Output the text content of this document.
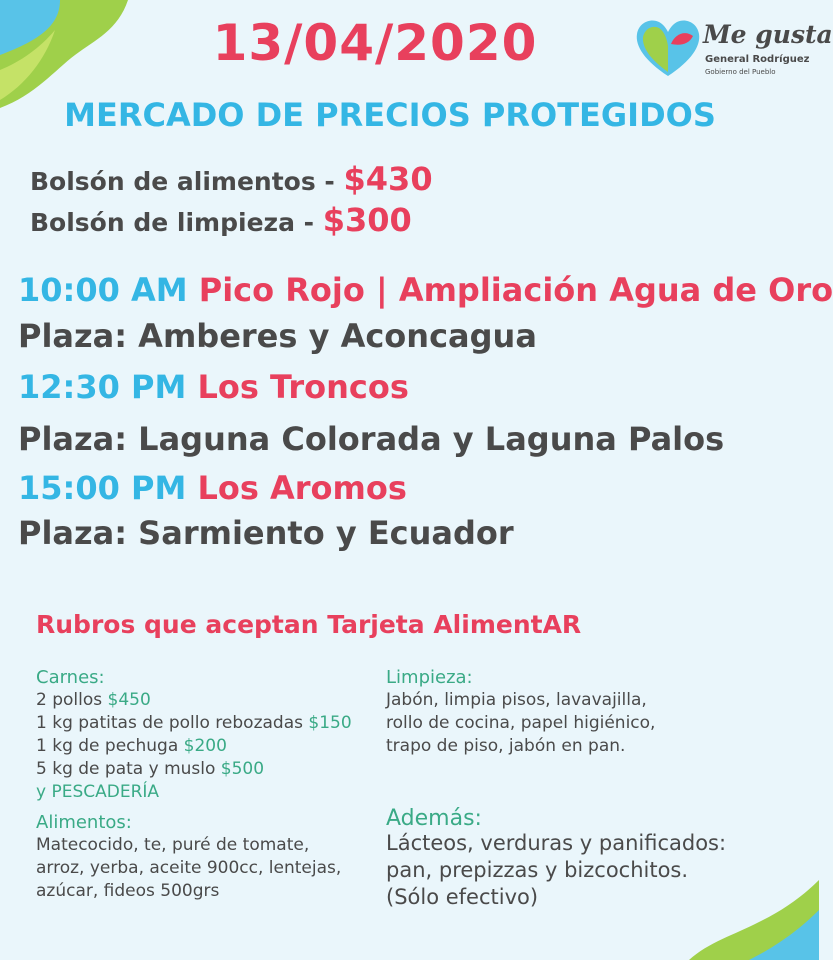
Me gusta
General Rodríguez
Gobierno del Pueblo
13/04/2020
MERCADO DE PRECIOS PROTEGIDOS
Bolsón de alimentos - $430
Bolsón de limpieza - $300
10:00 AM Pico Rojo | Ampliación Agua de Oro
Plaza: Amberes y Aconcagua
12:30 PM Los Troncos
Plaza: Laguna Colorada y Laguna Palos
15:00 PM Los Aromos
Plaza: Sarmiento y Ecuador
Rubros que aceptan Tarjeta AlimentAR
Carnes:
2 pollos $450
1 kg patitas de pollo rebozadas $150
1 kg de pechuga $200
5 kg de pata y muslo $500
y PESCADERÍA
Alimentos:
Matecocido, te, puré de tomate,
arroz, yerba, aceite 900cc, lentejas,
azúcar, fideos 500grs
Limpieza:
Jabón, limpia pisos, lavavajilla,
rollo de cocina, papel higiénico,
trapo de piso, jabón en pan.
Además:
Lácteos, verduras y panificados:
pan, prepizzas y bizcochitos.
(Sólo efectivo)
